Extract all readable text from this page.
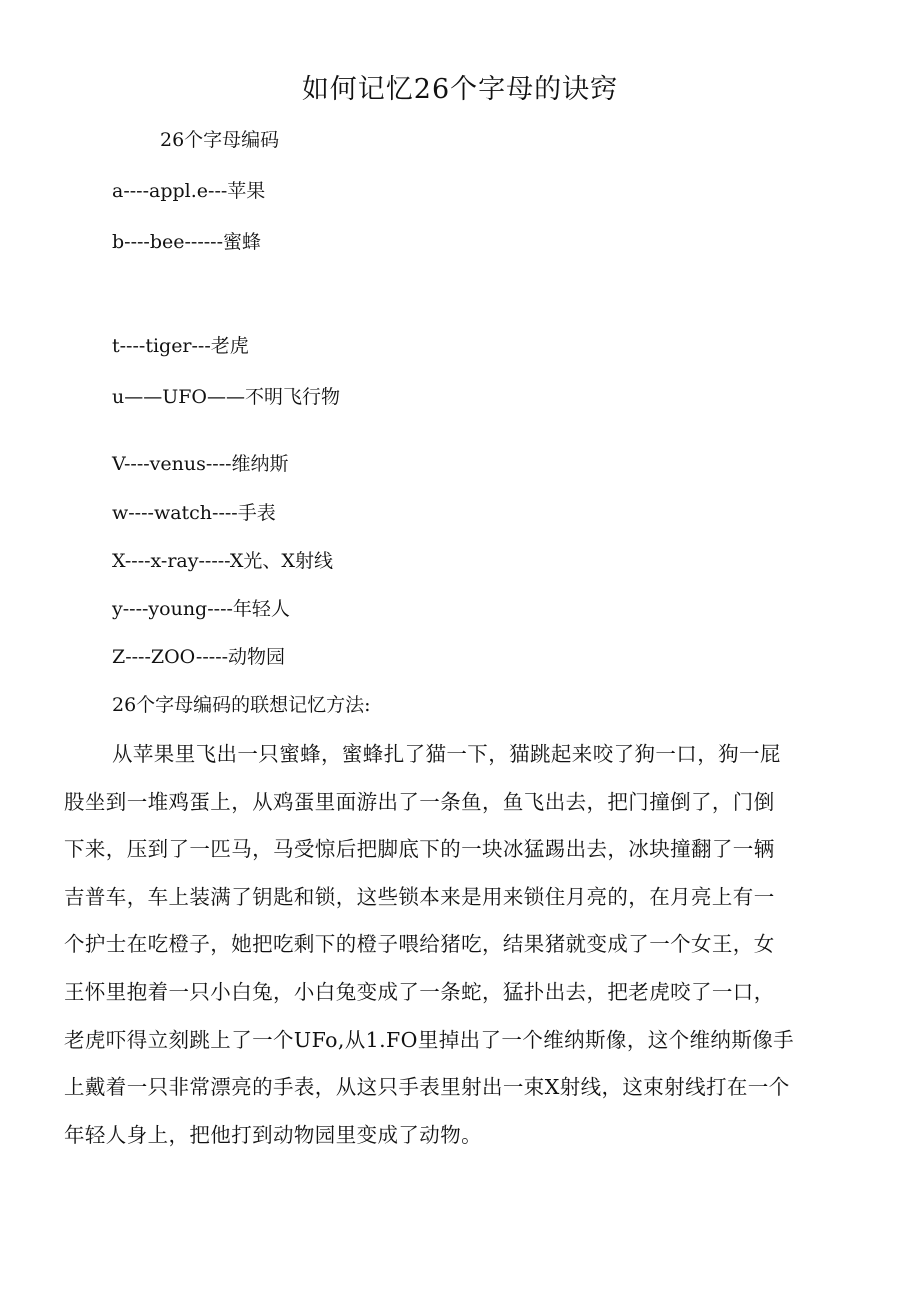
如何记忆26个字母的诀窍

26个字母编码

a----appl.e---苹果
b----bee------蜜蜂
t----tiger---老虎
u——UFO——不明飞行物
V----venus----维纳斯
w----watch----手表
X----x-ray-----X光、X射线
y----young----年轻人
Z----ZOO-----动物园

26个字母编码的联想记忆方法:

从苹果里飞出一只蜜蜂，蜜蜂扎了猫一下，猫跳起来咬了狗一口，狗一屁
股坐到一堆鸡蛋上，从鸡蛋里面游出了一条鱼，鱼飞出去，把门撞倒了，门倒
下来，压到了一匹马，马受惊后把脚底下的一块冰猛踢出去，冰块撞翻了一辆
吉普车，车上装满了钥匙和锁，这些锁本来是用来锁住月亮的，在月亮上有一
个护士在吃橙子，她把吃剩下的橙子喂给猪吃，结果猪就变成了一个女王，女
王怀里抱着一只小白兔，小白兔变成了一条蛇，猛扑出去，把老虎咬了一口，
老虎吓得立刻跳上了一个UFo,从1.FO里掉出了一个维纳斯像，这个维纳斯像手
上戴着一只非常漂亮的手表，从这只手表里射出一束X射线，这束射线打在一个
年轻人身上，把他打到动物园里变成了动物。
